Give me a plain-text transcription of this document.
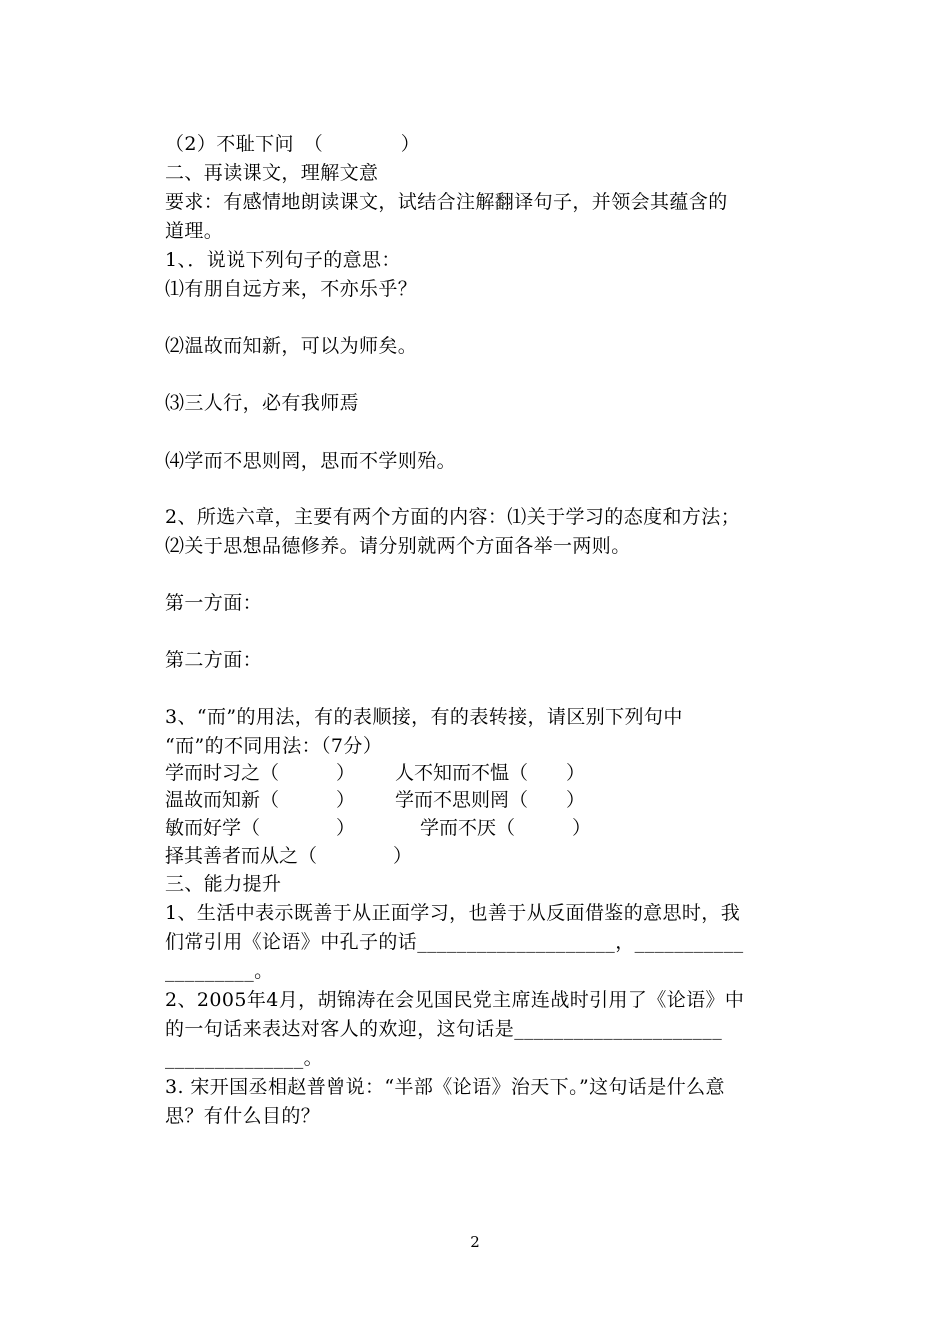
（2）不耻下问　（　　　　）
二、再读课文，理解文意
要求：有感情地朗读课文，试结合注解翻译句子，并领会其蕴含的
道理。
1、．说说下列句子的意思：
⑴有朋自远方来，不亦乐乎？
⑵温故而知新，可以为师矣。
⑶三人行，必有我师焉
⑷学而不思则罔，思而不学则殆。
2、所选六章，主要有两个方面的内容：⑴关于学习的态度和方法；
⑵关于思想品德修养。请分别就两个方面各举一两则。
第一方面：
第二方面：
3、“而”的用法，有的表顺接，有的表转接，请区别下列句中
“而”的不同用法：（7分）
学而时习之（　　　） 人不知而不愠（　　）
温故而知新（　　　） 学而不思则罔（　　）
敏而好学（　　　　）	学而不厌（　　　）
择其善者而从之（　　　　）
三、能力提升
1、生活中表示既善于从正面学习，也善于从反面借鉴的意思时，我
们常引用《论语》中孔子的话____________________，___________
_________。
2、2005年4月，胡锦涛在会见国民党主席连战时引用了《论语》中
的一句话来表达对客人的欢迎，这句话是_____________________
______________。
3. 宋开国丞相赵普曾说：“半部《论语》治天下。”这句话是什么意
思？有什么目的？
2
